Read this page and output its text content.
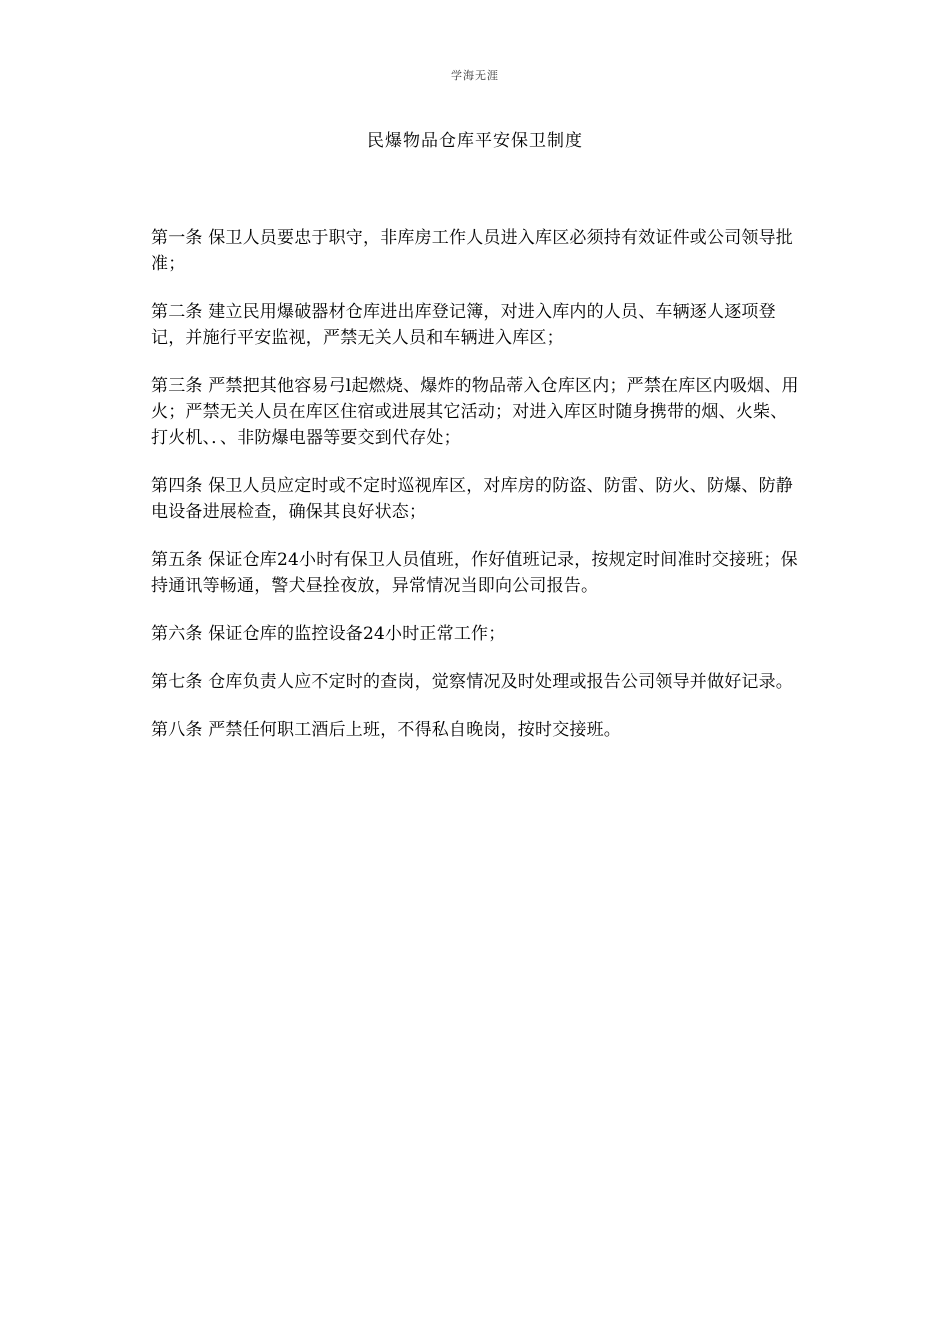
学海无涯
民爆物品仓库平安保卫制度

第一条 保卫人员要忠于职守，非库房工作人员进入库区必须持有效证件或公司领导批准；

第二条 建立民用爆破器材仓库进出库登记簿，对进入库内的人员、车辆逐人逐项登记，并施行平安监视，严禁无关人员和车辆进入库区；

第三条 严禁把其他容易弓l起燃烧、爆炸的物品蒂入仓库区内；严禁在库区内吸烟、用火；严禁无关人员在库区住宿或进展其它活动；对进入库区时随身携带的烟、火柴、打火机、．、非防爆电器等要交到代存处；

第四条 保卫人员应定时或不定时巡视库区，对库房的防盗、防雷、防火、防爆、防静电设备进展检查，确保其良好状态；

第五条 保证仓库24小时有保卫人员值班，作好值班记录，按规定时间准时交接班；保持通讯等畅通，警犬昼拴夜放，异常情况当即向公司报告。

第六条 保证仓库的监控设备24小时正常工作；

第七条 仓库负责人应不定时的查岗，觉察情况及时处理或报告公司领导并做好记录。

第八条 严禁任何职工酒后上班，不得私自晚岗，按时交接班。
